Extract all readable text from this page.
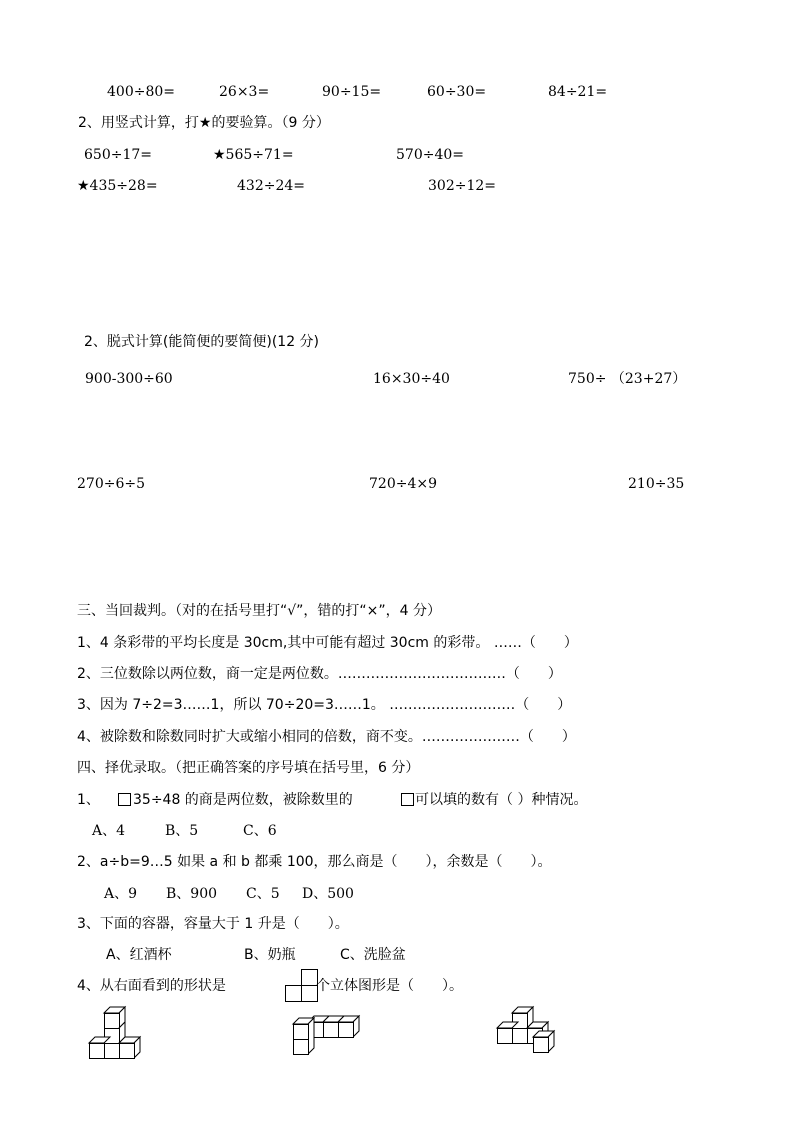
400÷80=	26×3=	90÷15=	60÷30=	84÷21=
2、用竖式计算，打★的要验算。（9 分）
650÷17=	★565÷71=	570÷40=
★435÷28=	432÷24=	302÷12=
2、脱式计算(能简便的要简便)(12 分)
900-300÷60	16×30÷40	750÷ （23+27）
270÷6÷5	720÷4×9	210÷35
三、当回裁判。（对的在括号里打“√”，错的打“×”，4 分）
1、4 条彩带的平均长度是 30cm,其中可能有超过 30cm 的彩带。 ……（　　）
2、三位数除以两位数，商一定是两位数。………………………………（　　）
3、因为 7÷2=3……1，所以 70÷20=3……1。 ………………………（　　）
4、被除数和除数同时扩大或缩小相同的倍数，商不变。…………………（　　）
四、择优录取。（把正确答案的序号填在括号里，6 分）
1、 35÷48 的商是两位数，被除数里的	可以填的数有（ ）种情况。
A、4	B、5	C、6
2、a÷b=9…5 如果 a 和 b 都乘 100，那么商是（　　），余数是（　　）。
A、9 B、900 C、5 D、500
3、下面的容器，容量大于 1 升是（　　）。
A、红酒杯	B、奶瓶	C、洗脸盆
4、从右面看到的形状是	个立体图形是（　　）。
